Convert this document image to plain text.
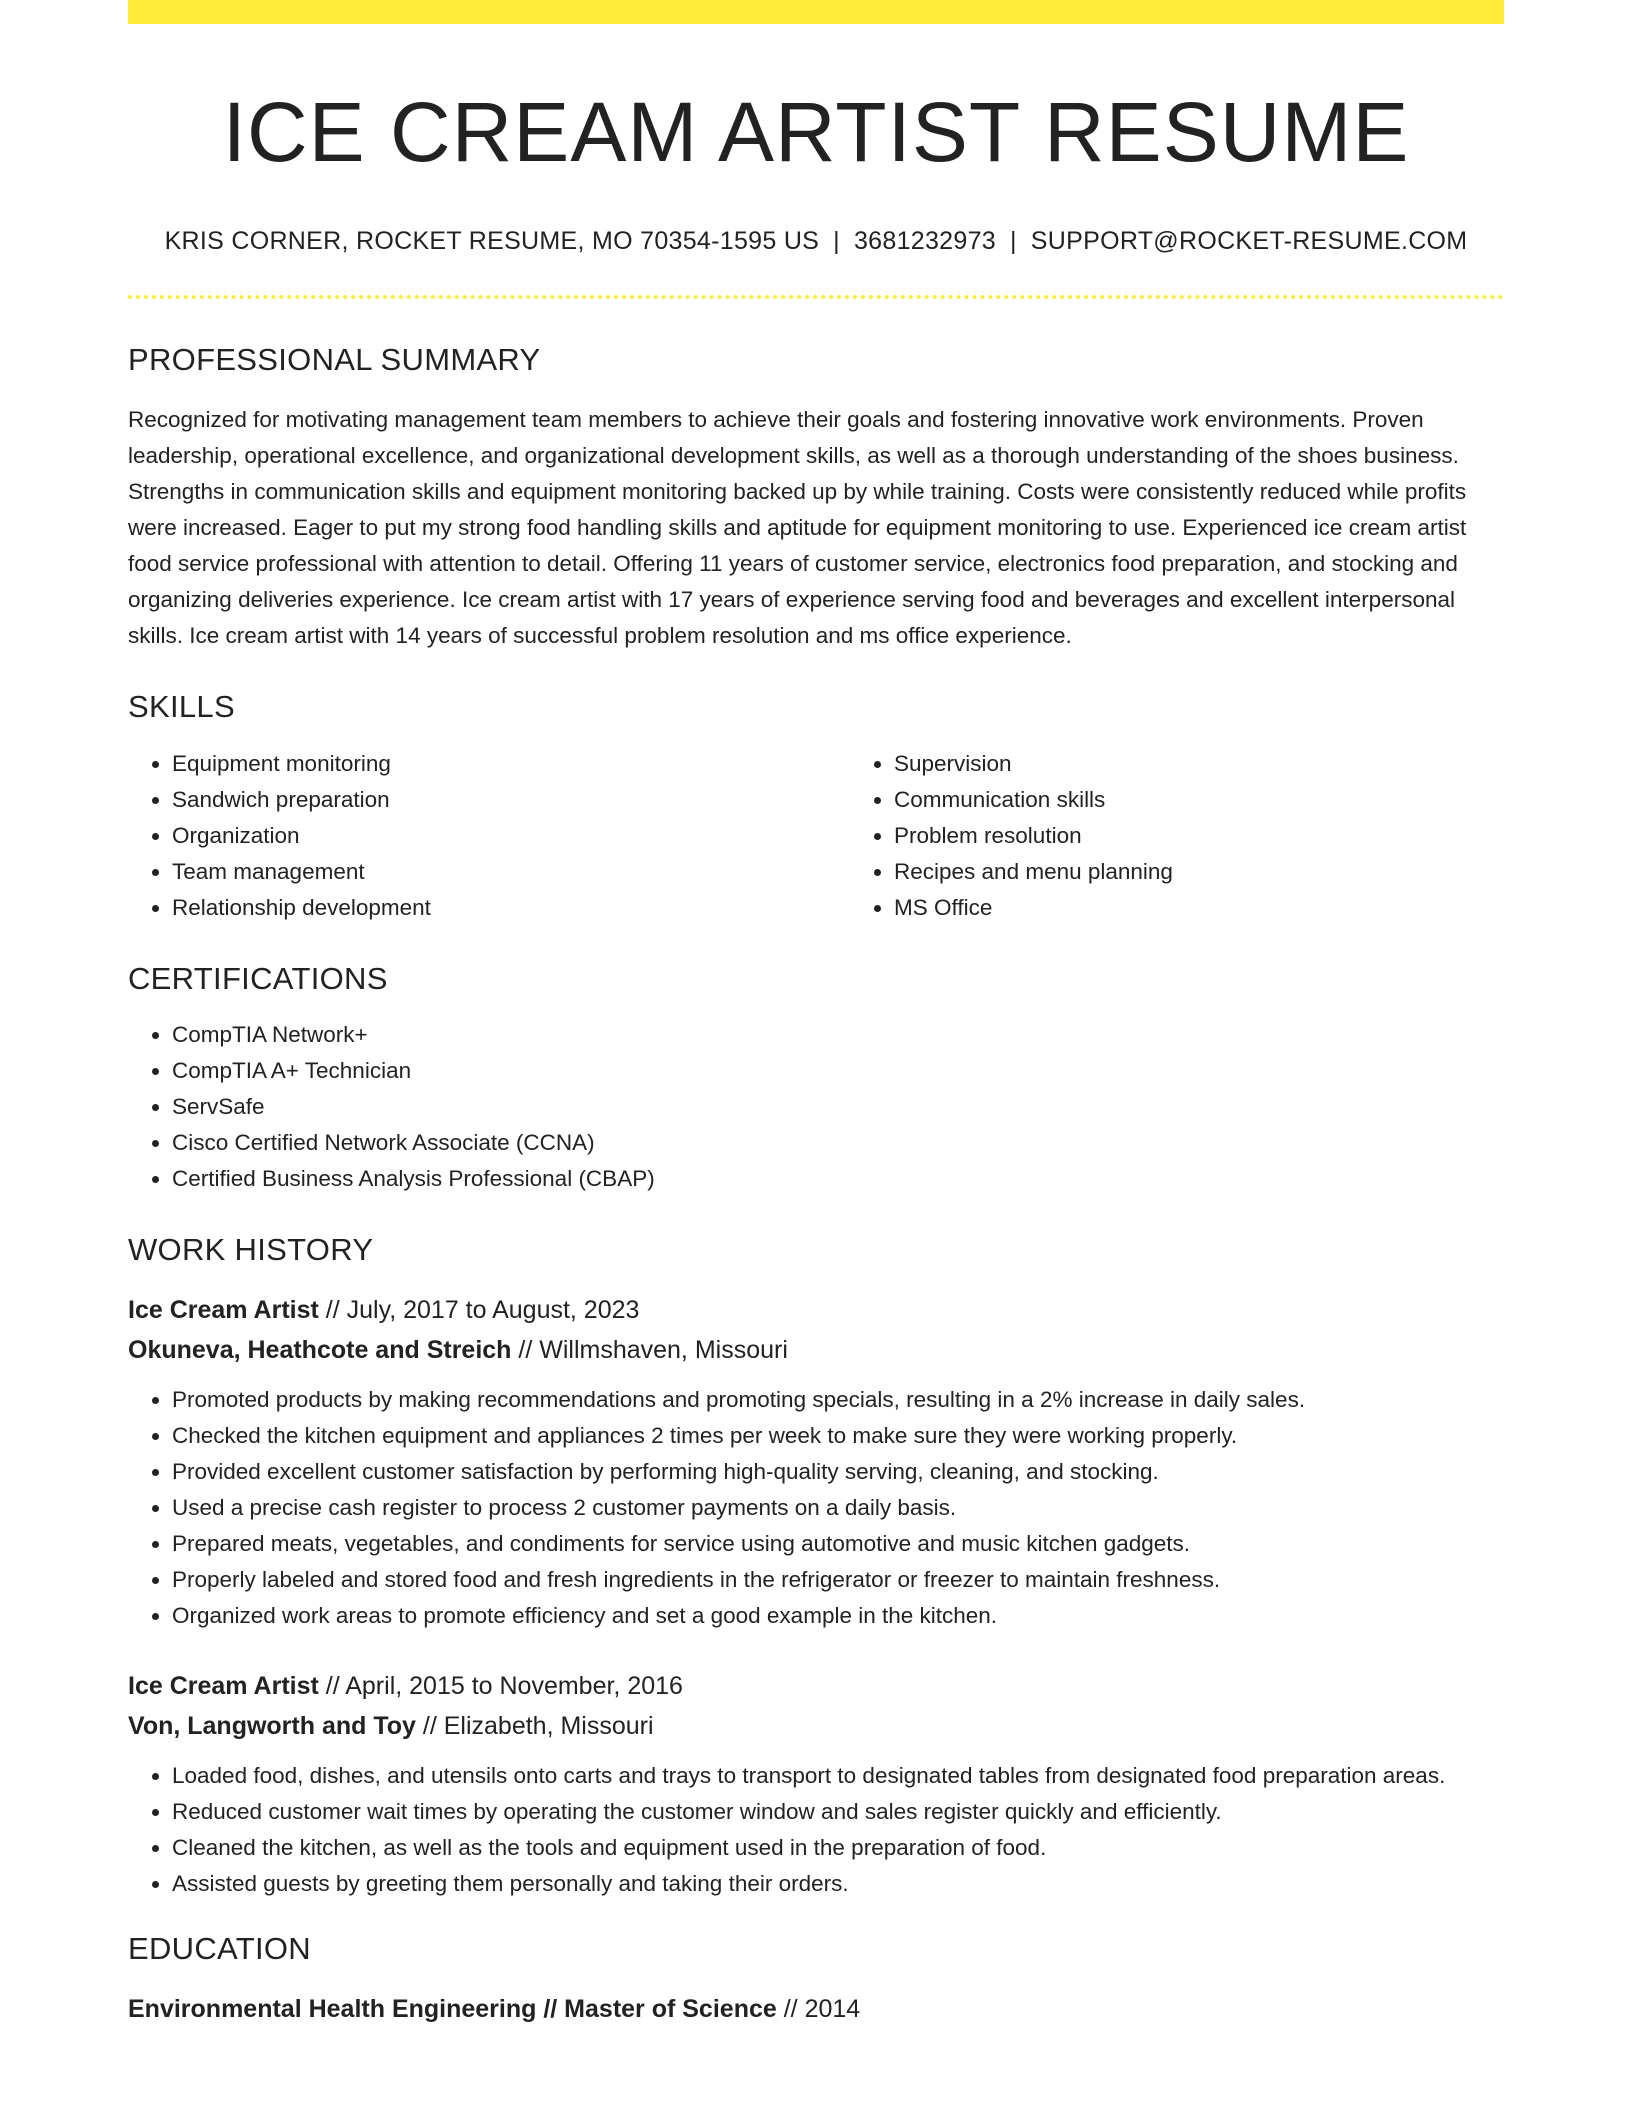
ICE CREAM ARTIST RESUME
KRIS CORNER, ROCKET RESUME, MO 70354-1595 US | 3681232973 | SUPPORT@ROCKET-RESUME.COM
PROFESSIONAL SUMMARY

Recognized for motivating management team members to achieve their goals and fostering innovative work environments. Proven leadership, operational excellence, and organizational development skills, as well as a thorough understanding of the shoes business. Strengths in communication skills and equipment monitoring backed up by while training. Costs were consistently reduced while profits were increased. Eager to put my strong food handling skills and aptitude for equipment monitoring to use. Experienced ice cream artist food service professional with attention to detail. Offering 11 years of customer service, electronics food preparation, and stocking and organizing deliveries experience. Ice cream artist with 17 years of experience serving food and beverages and excellent interpersonal skills. Ice cream artist with 14 years of successful problem resolution and ms office experience.

SKILLS
• Equipment monitoring
• Sandwich preparation
• Organization
• Team management
• Relationship development
• Supervision
• Communication skills
• Problem resolution
• Recipes and menu planning
• MS Office
CERTIFICATIONS
• CompTIA Network+
• CompTIA A+ Technician
• ServSafe
• Cisco Certified Network Associate (CCNA)
• Certified Business Analysis Professional (CBAP)
WORK HISTORY
Ice Cream Artist // July, 2017 to August, 2023
Okuneva, Heathcote and Streich // Willmshaven, Missouri
• Promoted products by making recommendations and promoting specials, resulting in a 2% increase in daily sales.
• Checked the kitchen equipment and appliances 2 times per week to make sure they were working properly.
• Provided excellent customer satisfaction by performing high-quality serving, cleaning, and stocking.
• Used a precise cash register to process 2 customer payments on a daily basis.
• Prepared meats, vegetables, and condiments for service using automotive and music kitchen gadgets.
• Properly labeled and stored food and fresh ingredients in the refrigerator or freezer to maintain freshness.
• Organized work areas to promote efficiency and set a good example in the kitchen.
Ice Cream Artist // April, 2015 to November, 2016
Von, Langworth and Toy // Elizabeth, Missouri
• Loaded food, dishes, and utensils onto carts and trays to transport to designated tables from designated food preparation areas.
• Reduced customer wait times by operating the customer window and sales register quickly and efficiently.
• Cleaned the kitchen, as well as the tools and equipment used in the preparation of food.
• Assisted guests by greeting them personally and taking their orders.
EDUCATION
Environmental Health Engineering // Master of Science // 2014
